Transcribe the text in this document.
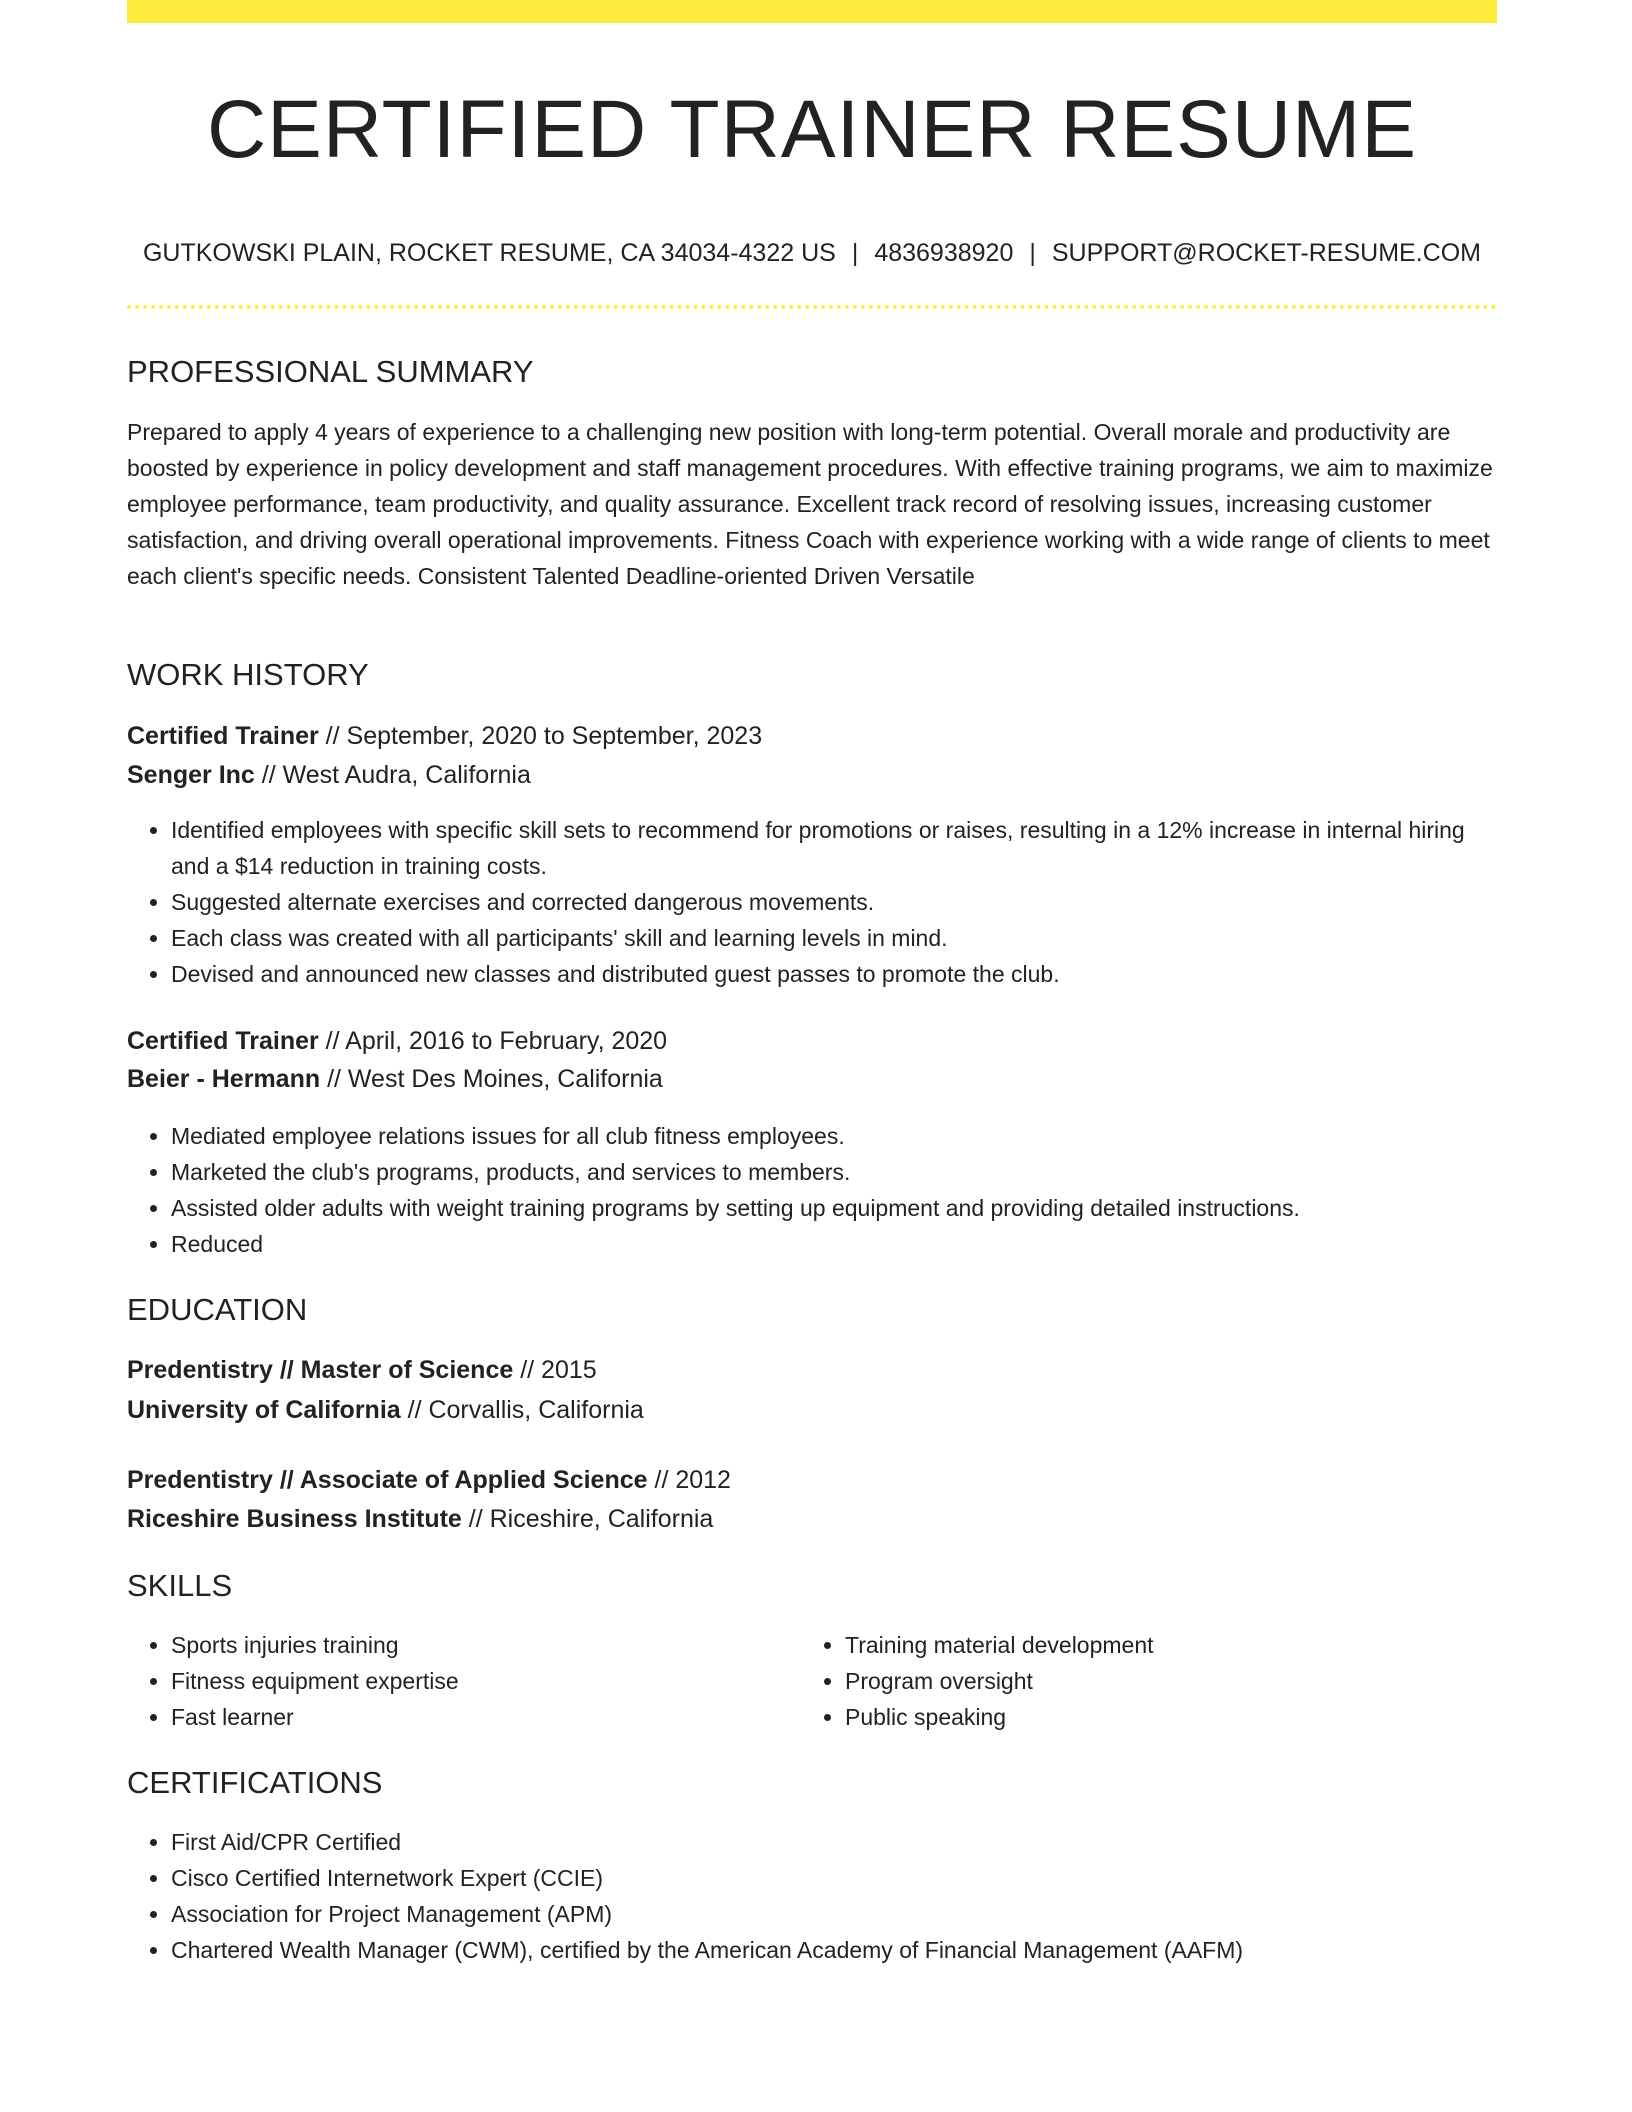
CERTIFIED TRAINER RESUME
GUTKOWSKI PLAIN, ROCKET RESUME, CA 34034-4322 US | 4836938920 | SUPPORT@ROCKET-RESUME.COM
PROFESSIONAL SUMMARY
Prepared to apply 4 years of experience to a challenging new position with long-term potential. Overall morale and productivity are boosted by experience in policy development and staff management procedures. With effective training programs, we aim to maximize employee performance, team productivity, and quality assurance. Excellent track record of resolving issues, increasing customer satisfaction, and driving overall operational improvements. Fitness Coach with experience working with a wide range of clients to meet each client's specific needs. Consistent Talented Deadline-oriented Driven Versatile
WORK HISTORY
Certified Trainer // September, 2020 to September, 2023
Senger Inc // West Audra, California
• Identified employees with specific skill sets to recommend for promotions or raises, resulting in a 12% increase in internal hiring and a $14 reduction in training costs.
• Suggested alternate exercises and corrected dangerous movements.
• Each class was created with all participants' skill and learning levels in mind.
• Devised and announced new classes and distributed guest passes to promote the club.
Certified Trainer // April, 2016 to February, 2020
Beier - Hermann // West Des Moines, California
• Mediated employee relations issues for all club fitness employees.
• Marketed the club's programs, products, and services to members.
• Assisted older adults with weight training programs by setting up equipment and providing detailed instructions.
• Reduced
EDUCATION
Predentistry // Master of Science // 2015
University of California // Corvallis, California
Predentistry // Associate of Applied Science // 2012
Riceshire Business Institute // Riceshire, California
SKILLS
• Sports injuries training
• Fitness equipment expertise
• Fast learner
• Training material development
• Program oversight
• Public speaking
CERTIFICATIONS
• First Aid/CPR Certified
• Cisco Certified Internetwork Expert (CCIE)
• Association for Project Management (APM)
• Chartered Wealth Manager (CWM), certified by the American Academy of Financial Management (AAFM)
